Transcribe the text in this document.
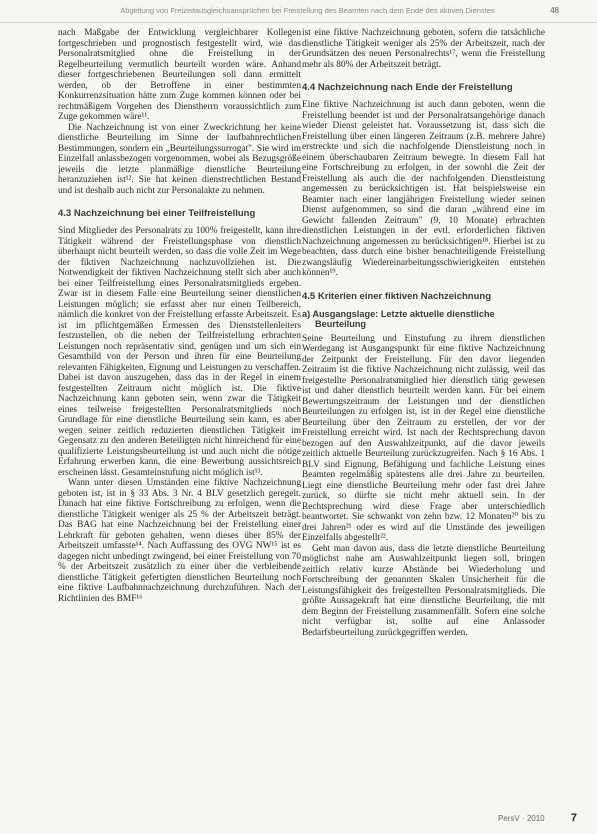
Abgeltung von Freizeitausgleichsansprüchen bei Freistellung des Beamten nach dem Ende des aktiven Dienstes	48

nach Maßgabe der Entwicklung vergleichbarer Kollegen fortgeschrieben und prognostisch festgestellt wird, wie das Personalratsmitglied ohne die Freistellung in der Regelbeurteilung vermutlich beurteilt worden wäre. Anhand dieser fortgeschriebenen Beurteilungen soll dann ermittelt werden, ob der Betroffene in einer bestimmten Konkurrenzsituation hätte zum Zuge kommen können oder bei rechtmäßigem Vorgehen des Dienstherrn voraussichtlich zum Zuge gekommen wäre¹¹.

Die Nachzeichnung ist von einer Zweckrichtung her keine dienstliche Beurteilung im Sinne der laufbahnrechtlichen Bestimmungen, sondern ein „Beurteilungssurrogat". Sie wird im Einzelfall anlassbezogen vorgenommen, wobei als Bezugsgröße jeweils die letzte planmäßige dienstliche Beurteilung heranzuziehen ist¹². Sie hat keinen dienstrechtlichen Bestand und ist deshalb auch nicht zur Personalakte zu nehmen.

4.3 Nachzeichnung bei einer Teilfreistellung

Sind Mitglieder des Personalrats zu 100% freigestellt, kann ihre Tätigkeit während der Freistellungsphase von dienstlich überhaupt nicht beurteilt werden, so dass die volle Zeit im Wege der fiktiven Nachzeichnung nachzuvollziehen ist. Die Notwendigkeit der fiktiven Nachzeichnung stellt sich aber auch bei einer Teilfreistellung eines Personalratsmitglieds ergeben. Zwar ist in diesem Falle eine Beurteilung seiner dienstlichen Leistungen möglich; sie erfasst aber nur einen Teilbereich, nämlich die konkret von der Freistellung erfasste Arbeitszeit. Es ist im pflichtgemäßen Ermessen des Dienststellenleiters festzustellen, ob die neben der Teilfreistellung erbrachten Leistungen noch repräsentativ sind, genügen und um sich ein Gesamtbild von der Person und ihren für eine Beurteilung relevanten Fähigkeiten, Eignung und Leistungen zu verschaffen. Dabei ist davon auszugehen, dass das in der Regel in einem festgestellten Zeitraum nicht möglich ist. Die fiktive Nachzeichnung kann geboten sein, wenn zwar die Tätigkeit eines teilweise freigestellten Personalratsmitglieds noch Grundlage für eine dienstliche Beurteilung sein kann, es aber wegen seiner zeitlich reduzierten dienstlichen Tätigkeit im Gegensatz zu den anderen Beteiligten nicht hinreichend für eine qualifizierte Leistungsbeurteilung ist und auch nicht die nötige Erfahrung erwerben kann, die eine Bewerbung aussichtsreich erscheinen lässt. Gesamteinstufung nicht möglich ist¹³.

Wann unter diesen Umständen eine fiktive Nachzeichnung geboten ist, ist in § 33 Abs. 3 Nr. 4 BLV gesetzlich geregelt. Danach hat eine fiktive Fortschreibung zu erfolgen, wenn die dienstliche Tätigkeit weniger als 25 % der Arbeitszeit beträgt. Das BAG hat eine Nachzeichnung bei der Freistellung einer Lehrkraft für geboten gehalten, wenn dieses über 85% der Arbeitszeit umfasste¹⁴. Nach Auffassung des OVG NW¹⁵ ist es dagegen nicht unbedingt zwingend, bei einer Freistellung von 70 % der Arbeitszeit zusätzlich zu einer über die verbleibende dienstliche Tätigkeit gefertigten dienstlichen Beurteilung noch eine fiktive Laufbahnnachzeichnung durchzuführen. Nach der Richtlinien des BMF¹⁶

ist eine fiktive Nachzeichnung geboten, sofern die tatsächliche dienstliche Tätigkeit weniger als 25% der Arbeitszeit, nach der Grundsätzen des neuen Personalrechts¹⁷, wenn die Freistellung mehr als 80% der Arbeitszeit beträgt.

4.4 Nachzeichnung nach Ende der Freistellung

Eine fiktive Nachzeichnung ist auch dann geboten, wenn die Freistellung beendet ist und der Personalratsangehörige danach wieder Dienst geleistet hat. Voraussetzung ist, dass sich die Freistellung über einen längeren Zeitraum (z.B. mehrere Jahre) erstreckte und sich die nachfolgende Dienstleistung noch in einem überschaubaren Zeitraum bewegte. In diesem Fall hat eine Fortschreibung zu erfolgen, in der sowohl die Zeit der Freistellung als auch die der nachfolgenden Dienstleistung angemessen zu berücksichtigen ist. Hat beispielsweise ein Beamter nach einer langjährigen Freistellung wieder seinen Dienst aufgenommen, so sind die daran „während eine im Gewicht fallenden Zeitraum" (9, 10 Monate) erbrachten dienstlichen Leistungen in der evtl. erforderlichen fiktiven Nachzeichnung angemessen zu berücksichtigen¹⁸. Hierbei ist zu beachten, dass durch eine bisher benachteiligende Freistellung zwangsläufig Wiedereinarbeitungsschwierigkeiten entstehen können¹⁹.

4.5 Kriterien einer fiktiven Nachzeichnung
a) Ausgangslage: Letzte aktuelle dienstliche
Beurteilung

Seine Beurteilung und Einstufung zu ihrem dienstlichen Werdegang ist Ausgangspunkt für eine fiktive Nachzeichnung der Zeitpunkt der Freistellung. Für den davor liegenden Zeitraum ist die fiktive Nachzeichnung nicht zulässig, weil das freigestellte Personalratsmitglied hier dienstlich tätig gewesen ist und daher dienstlich beurteilt werden kann. Für bei einem Bewertungszeitraum der Leistungen und der dienstlichen Beurteilungen zu erfolgen ist, ist in der Regel eine dienstliche Beurteilung über den Zeitraum zu erstellen, der vor der Freistellung erreicht wird. Ist nach der Rechtsprechung davon bezogen auf den Auswahlzeitpunkt, auf die davor jeweils zeitlich aktuelle Beurteilung zurückzugreifen. Nach § 16 Abs. 1 BLV sind Eignung, Befähigung und fachliche Leistung eines Beamten regelmäßig spätestens alle drei Jahre zu beurteilen. Liegt eine dienstliche Beurteilung mehr oder fast drei Jahre zurück, so dürfte sie nicht mehr aktuell sein. In der Rechtsprechung wird diese Frage aber unterschiedlich beantwortet. Sie schwankt von zehn bzw. 12 Monaten²⁰ bis zu drei Jahren²¹ oder es wird auf die Umstände des jeweiligen Einzelfalls abgestellt²².

Geht man davon aus, dass die letzte dienstliche Beurteilung möglichst nahe am Auswahlzeitpunkt liegen soll, bringen zeitlich relativ kurze Abstände bei Wiederholung und Fortschreibung der genannten Skalen Unsicherheit für die Leistungsfähigkeit des freigestellten Personalratsmitglieds. Die größte Aussagekraft hat eine dienstliche Beurteilung, die mit dem Beginn der Freistellung zusammenfällt. Sofern eine solche nicht verfügbar ist, sollte auf eine Anlassoder Bedarfsbeurteilung zurückgegriffen werden.

PersV · 2010 7
